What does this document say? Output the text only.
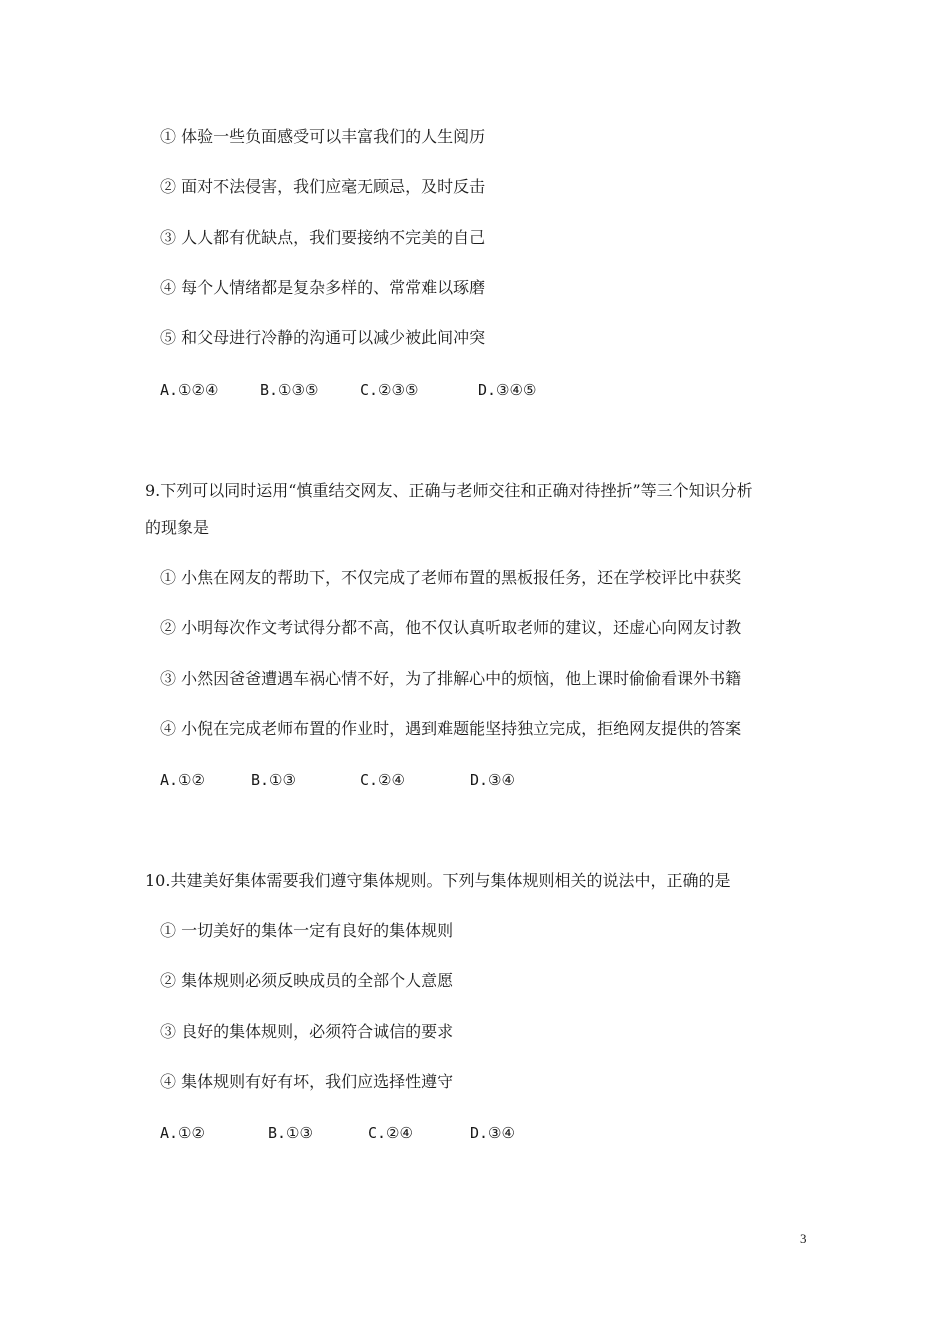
① 体验一些负面感受可以丰富我们的人生阅历
② 面对不法侵害，我们应毫无顾忌，及时反击
③ 人人都有优缺点，我们要接纳不完美的自己
④ 每个人情绪都是复杂多样的、常常难以琢磨
⑤ 和父母进行冷静的沟通可以减少被此间冲突
A.①②④	B.①③⑤	C.②③⑤	D.③④⑤
9.下列可以同时运用“慎重结交网友、正确与老师交往和正确对待挫折”等三个知识分析
的现象是
① 小焦在网友的帮助下，不仅完成了老师布置的黑板报任务，还在学校评比中获奖
② 小明每次作文考试得分都不高，他不仅认真听取老师的建议，还虚心向网友讨教
③ 小然因爸爸遭遇车祸心情不好，为了排解心中的烦恼，他上课时偷偷看课外书籍
④ 小倪在完成老师布置的作业时，遇到难题能坚持独立完成，拒绝网友提供的答案
A.①②	B.①③	C.②④	D.③④
10.共建美好集体需要我们遵守集体规则。下列与集体规则相关的说法中，正确的是
① 一切美好的集体一定有良好的集体规则
② 集体规则必须反映成员的全部个人意愿
③ 良好的集体规则，必须符合诚信的要求
④ 集体规则有好有坏，我们应选择性遵守
A.①②	B.①③	C.②④	D.③④
3
